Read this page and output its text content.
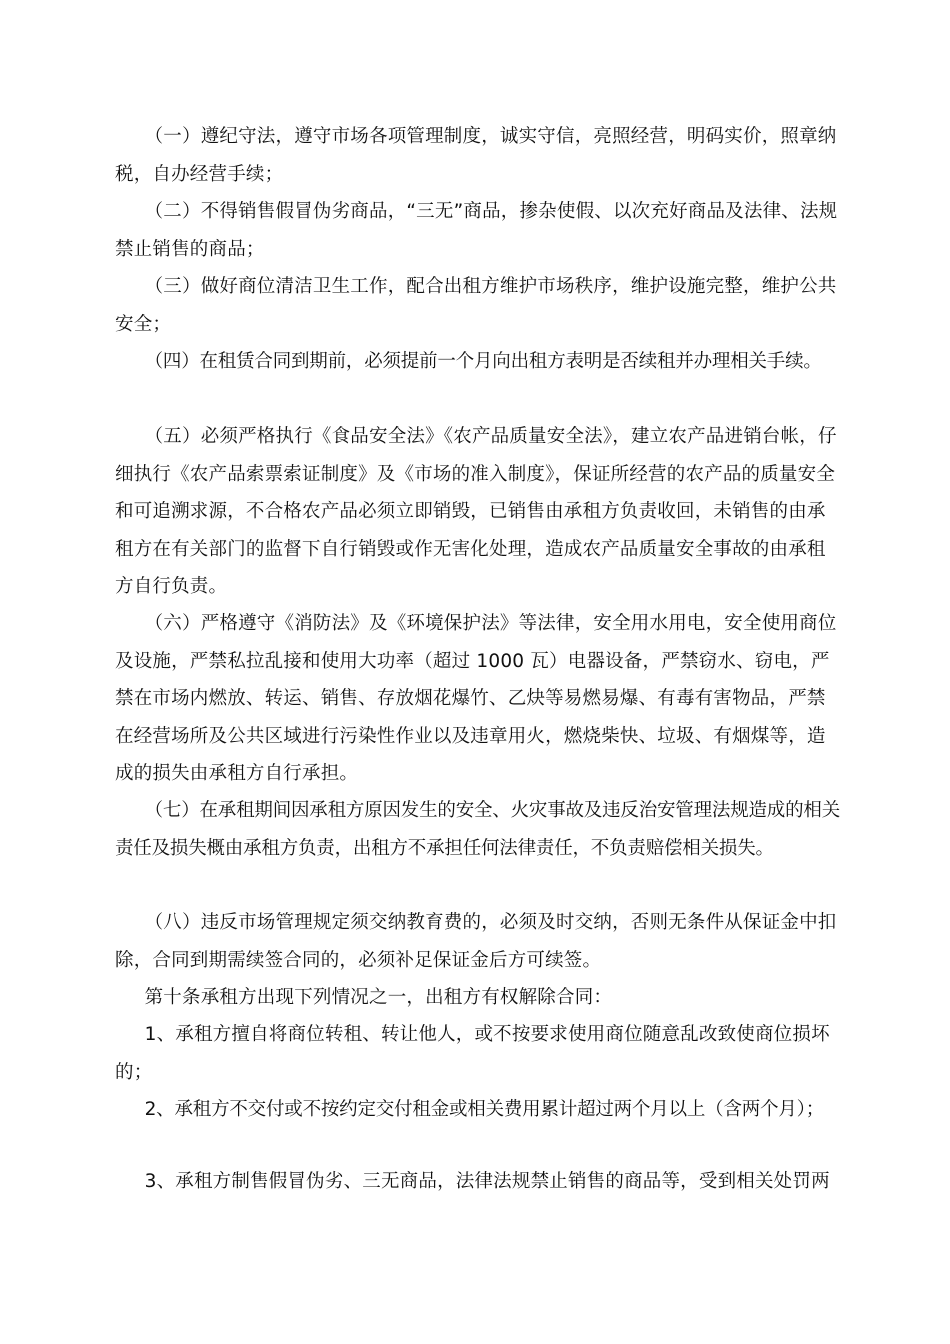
（一）遵纪守法，遵守市场各项管理制度，诚实守信，亮照经营，明码实价，照章纳税，自办经营手续；

（二）不得销售假冒伪劣商品，“三无”商品，掺杂使假、以次充好商品及法律、法规禁止销售的商品；

（三）做好商位清洁卫生工作，配合出租方维护市场秩序，维护设施完整，维护公共安全；

（四）在租赁合同到期前，必须提前一个月向出租方表明是否续租并办理相关手续。

（五）必须严格执行《食品安全法》《农产品质量安全法》，建立农产品进销台帐，仔细执行《农产品索票索证制度》及《市场的准入制度》，保证所经营的农产品的质量安全和可追溯求源，不合格农产品必须立即销毁，已销售由承租方负责收回，未销售的由承租方在有关部门的监督下自行销毁或作无害化处理，造成农产品质量安全事故的由承租方自行负责。

（六）严格遵守《消防法》及《环境保护法》等法律，安全用水用电，安全使用商位及设施，严禁私拉乱接和使用大功率（超过 1000 瓦）电器设备，严禁窃水、窃电，严禁在市场内燃放、转运、销售、存放烟花爆竹、乙炔等易燃易爆、有毒有害物品，严禁在经营场所及公共区域进行污染性作业以及违章用火，燃烧柴快、垃圾、有烟煤等，造成的损失由承租方自行承担。

（七）在承租期间因承租方原因发生的安全、火灾事故及违反治安管理法规造成的相关责任及损失概由承租方负责，出租方不承担任何法律责任，不负责赔偿相关损失。

（八）违反市场管理规定须交纳教育费的，必须及时交纳，否则无条件从保证金中扣除，合同到期需续签合同的，必须补足保证金后方可续签。

第十条承租方出现下列情况之一，出租方有权解除合同：

1、承租方擅自将商位转租、转让他人，或不按要求使用商位随意乱改致使商位损坏的；

2、承租方不交付或不按约定交付租金或相关费用累计超过两个月以上（含两个月）；

3、承租方制售假冒伪劣、三无商品，法律法规禁止销售的商品等，受到相关处罚两
